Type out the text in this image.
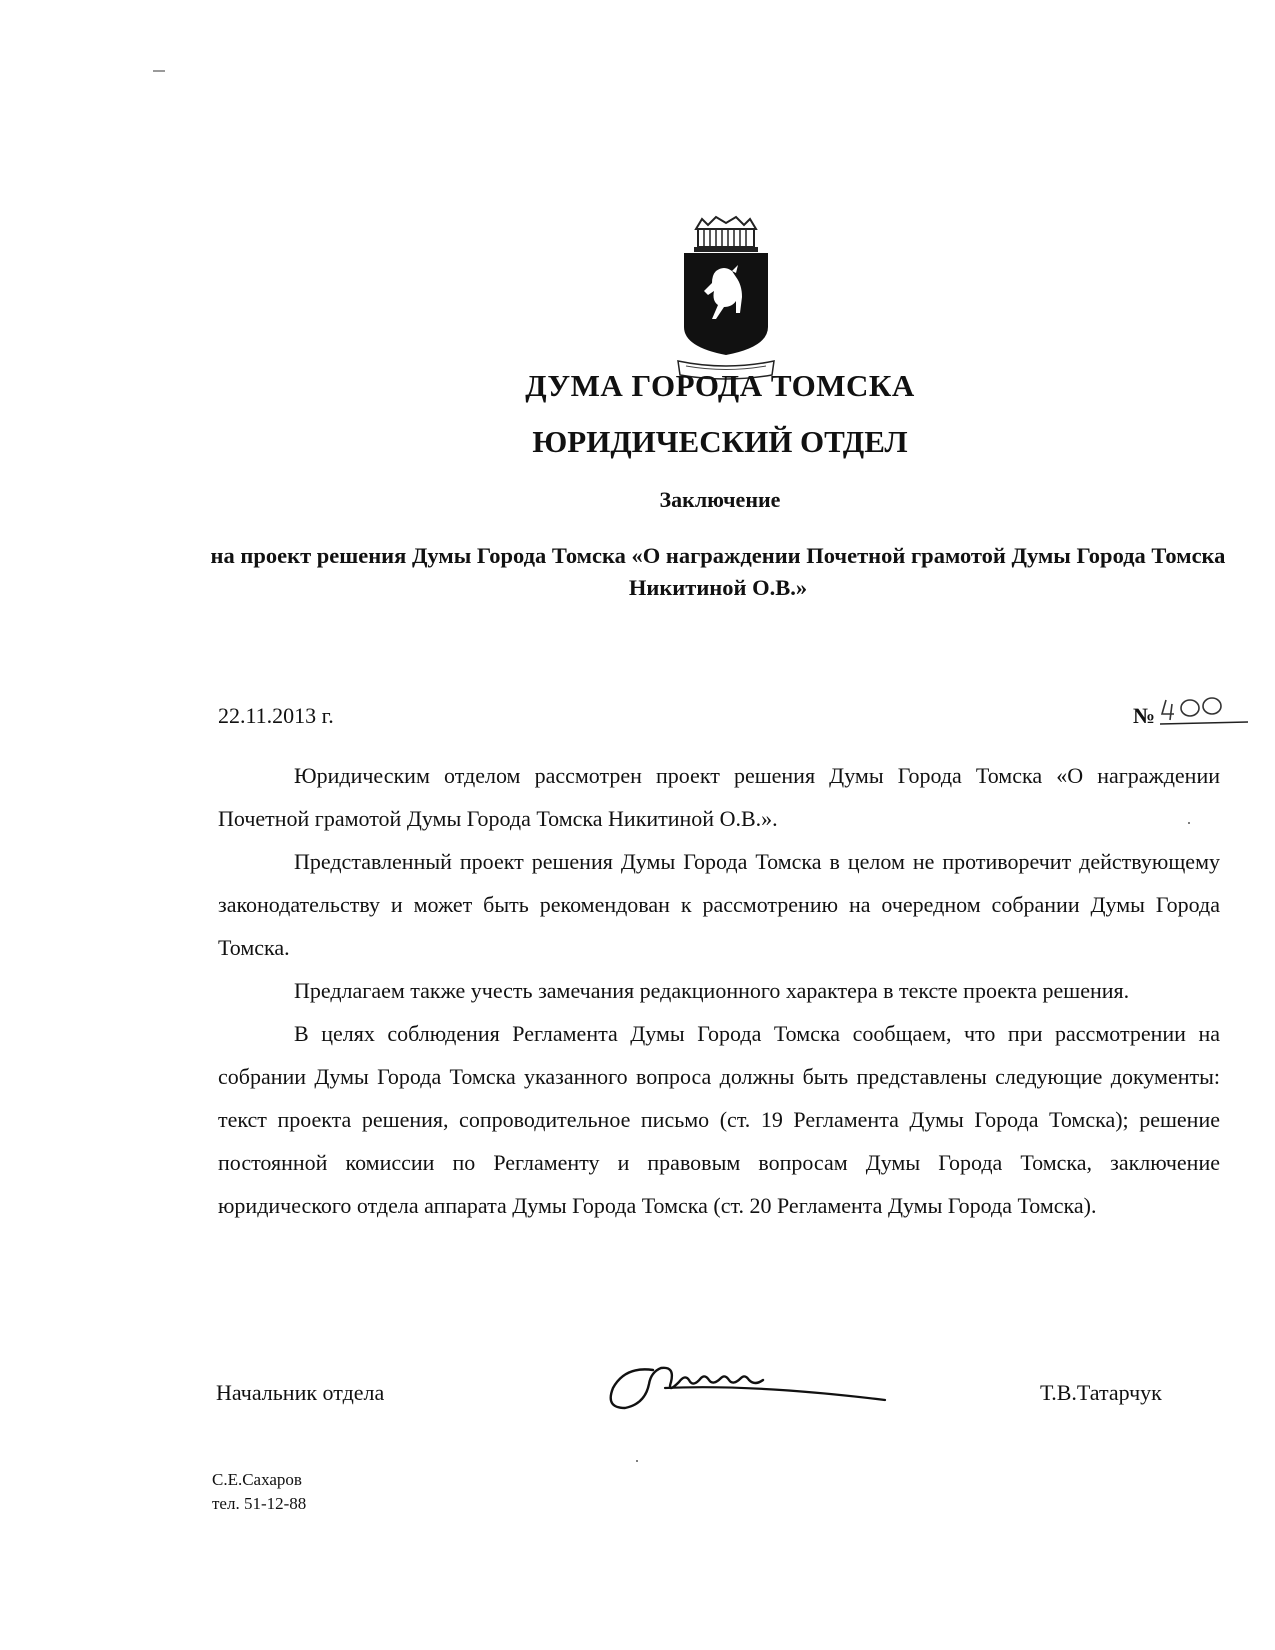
ДУМА ГОРОДА ТОМСКА
ЮРИДИЧЕСКИЙ ОТДЕЛ
Заключение
на проект решения Думы Города Томска «О награждении Почетной грамотой Думы Города Томска Никитиной О.В.»
22.11.2013 г.	№

Юридическим отделом рассмотрен проект решения Думы Города Томска «О награждении Почетной грамотой Думы Города Томска Никитиной О.В.».

Представленный проект решения Думы Города Томска в целом не противоречит действующему законодательству и может быть рекомендован к рассмотрению на очередном собрании Думы Города Томска.

Предлагаем также учесть замечания редакционного характера в тексте проекта решения.

В целях соблюдения Регламента Думы Города Томска сообщаем, что при рассмотрении на собрании Думы Города Томска указанного вопроса должны быть представлены следующие документы: текст проекта решения, сопроводительное письмо (ст. 19 Регламента Думы Города Томска); решение постоянной комиссии по Регламенту и правовым вопросам Думы Города Томска, заключение юридического отдела аппарата Думы Города Томска (ст. 20 Регламента Думы Города Томска).

Начальник отдела	Т.В.Татарчук
С.Е.Сахаров
тел. 51-12-88
